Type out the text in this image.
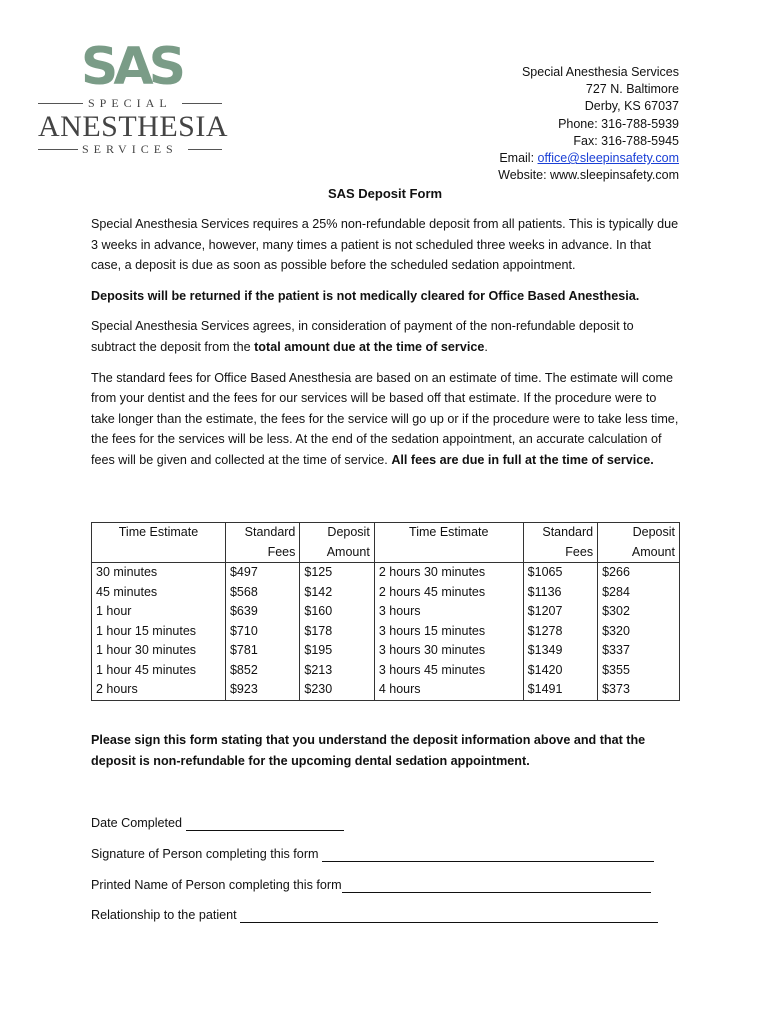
SAS
SPECIAL
ANESTHESIA
SERVICES
Special Anesthesia Services
727 N. Baltimore
Derby, KS 67037
Phone: 316-788-5939
Fax: 316-788-5945
Email: office@sleepinsafety.com
Website: www.sleepinsafety.com
SAS Deposit Form

Special Anesthesia Services requires a 25% non-refundable deposit from all patients. This is typically due 3 weeks in advance, however, many times a patient is not scheduled three weeks in advance. In that case, a deposit is due as soon as possible before the scheduled sedation appointment.

Deposits will be returned if the patient is not medically cleared for Office Based Anesthesia.

Special Anesthesia Services agrees, in consideration of payment of the non-refundable deposit to subtract the deposit from the total amount due at the time of service.

The standard fees for Office Based Anesthesia are based on an estimate of time. The estimate will come from your dentist and the fees for our services will be based off that estimate. If the procedure were to take longer than the estimate, the fees for the service will go up or if the procedure were to take less time, the fees for the services will be less. At the end of the sedation appointment, an accurate calculation of fees will be given and collected at the time of service. All fees are due in full at the time of service.

Time Estimate	Standard Fees	Deposit Amount	Time Estimate	Standard Fees	Deposit Amount
30 minutes	$497	$125	2 hours 30 minutes	$1065	$266
45 minutes	$568	$142	2 hours 45 minutes	$1136	$284
1 hour	$639	$160	3 hours	$1207	$302
1 hour 15 minutes	$710	$178	3 hours 15 minutes	$1278	$320
1 hour 30 minutes	$781	$195	3 hours 30 minutes	$1349	$337
1 hour 45 minutes	$852	$213	3 hours 45 minutes	$1420	$355
2 hours	$923	$230	4 hours	$1491	$373
Please sign this form stating that you understand the deposit information above and that the deposit is non-refundable for the upcoming dental sedation appointment.
Date Completed
Signature of Person completing this form
Printed Name of Person completing this form
Relationship to the patient
